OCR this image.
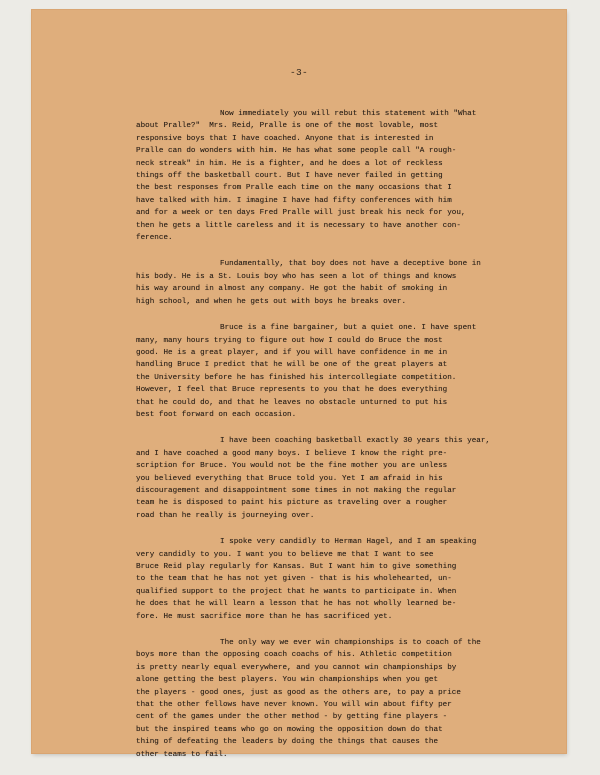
-3-
Now immediately you will rebut this statement with "What
about Pralle?"  Mrs. Reid, Pralle is one of the most lovable, most
responsive boys that I have coached. Anyone that is interested in
Pralle can do wonders with him. He has what some people call "A rough-
neck streak" in him. He is a fighter, and he does a lot of reckless
things off the basketball court. But I have never failed in getting
the best responses from Pralle each time on the many occasions that I
have talked with him. I imagine I have had fifty conferences with him
and for a week or ten days Fred Pralle will just break his neck for you,
then he gets a little careless and it is necessary to have another con-
ference.
Fundamentally, that boy does not have a deceptive bone in
his body. He is a St. Louis boy who has seen a lot of things and knows
his way around in almost any company. He got the habit of smoking in
high school, and when he gets out with boys he breaks over.
Bruce is a fine bargainer, but a quiet one. I have spent
many, many hours trying to figure out how I could do Bruce the most
good. He is a great player, and if you will have confidence in me in
handling Bruce I predict that he will be one of the great players at
the University before he has finished his intercollegiate competition.
However, I feel that Bruce represents to you that he does everything
that he could do, and that he leaves no obstacle unturned to put his
best foot forward on each occasion.
I have been coaching basketball exactly 30 years this year,
and I have coached a good many boys. I believe I know the right pre-
scription for Bruce. You would not be the fine mother you are unless
you believed everything that Bruce told you. Yet I am afraid in his
discouragement and disappointment some times in not making the regular
team he is disposed to paint his picture as traveling over a rougher
road than he really is journeying over.
I spoke very candidly to Herman Hagel, and I am speaking
very candidly to you. I want you to believe me that I want to see
Bruce Reid play regularly for Kansas. But I want him to give something
to the team that he has not yet given - that is his wholehearted, un-
qualified support to the project that he wants to participate in. When
he does that he will learn a lesson that he has not wholly learned be-
fore. He must sacrifice more than he has sacrificed yet.
The only way we ever win championships is to coach of the
boys more than the opposing coach coachs of his. Athletic competition
is pretty nearly equal everywhere, and you cannot win championships by
alone getting the best players. You win championships when you get
the players - good ones, just as good as the others are, to pay a price
that the other fellows have never known. You will win about fifty per
cent of the games under the other method - by getting fine players -
but the inspired teams who go on mowing the opposition down do that
thing of defeating the leaders by doing the things that causes the
other teams to fail.
